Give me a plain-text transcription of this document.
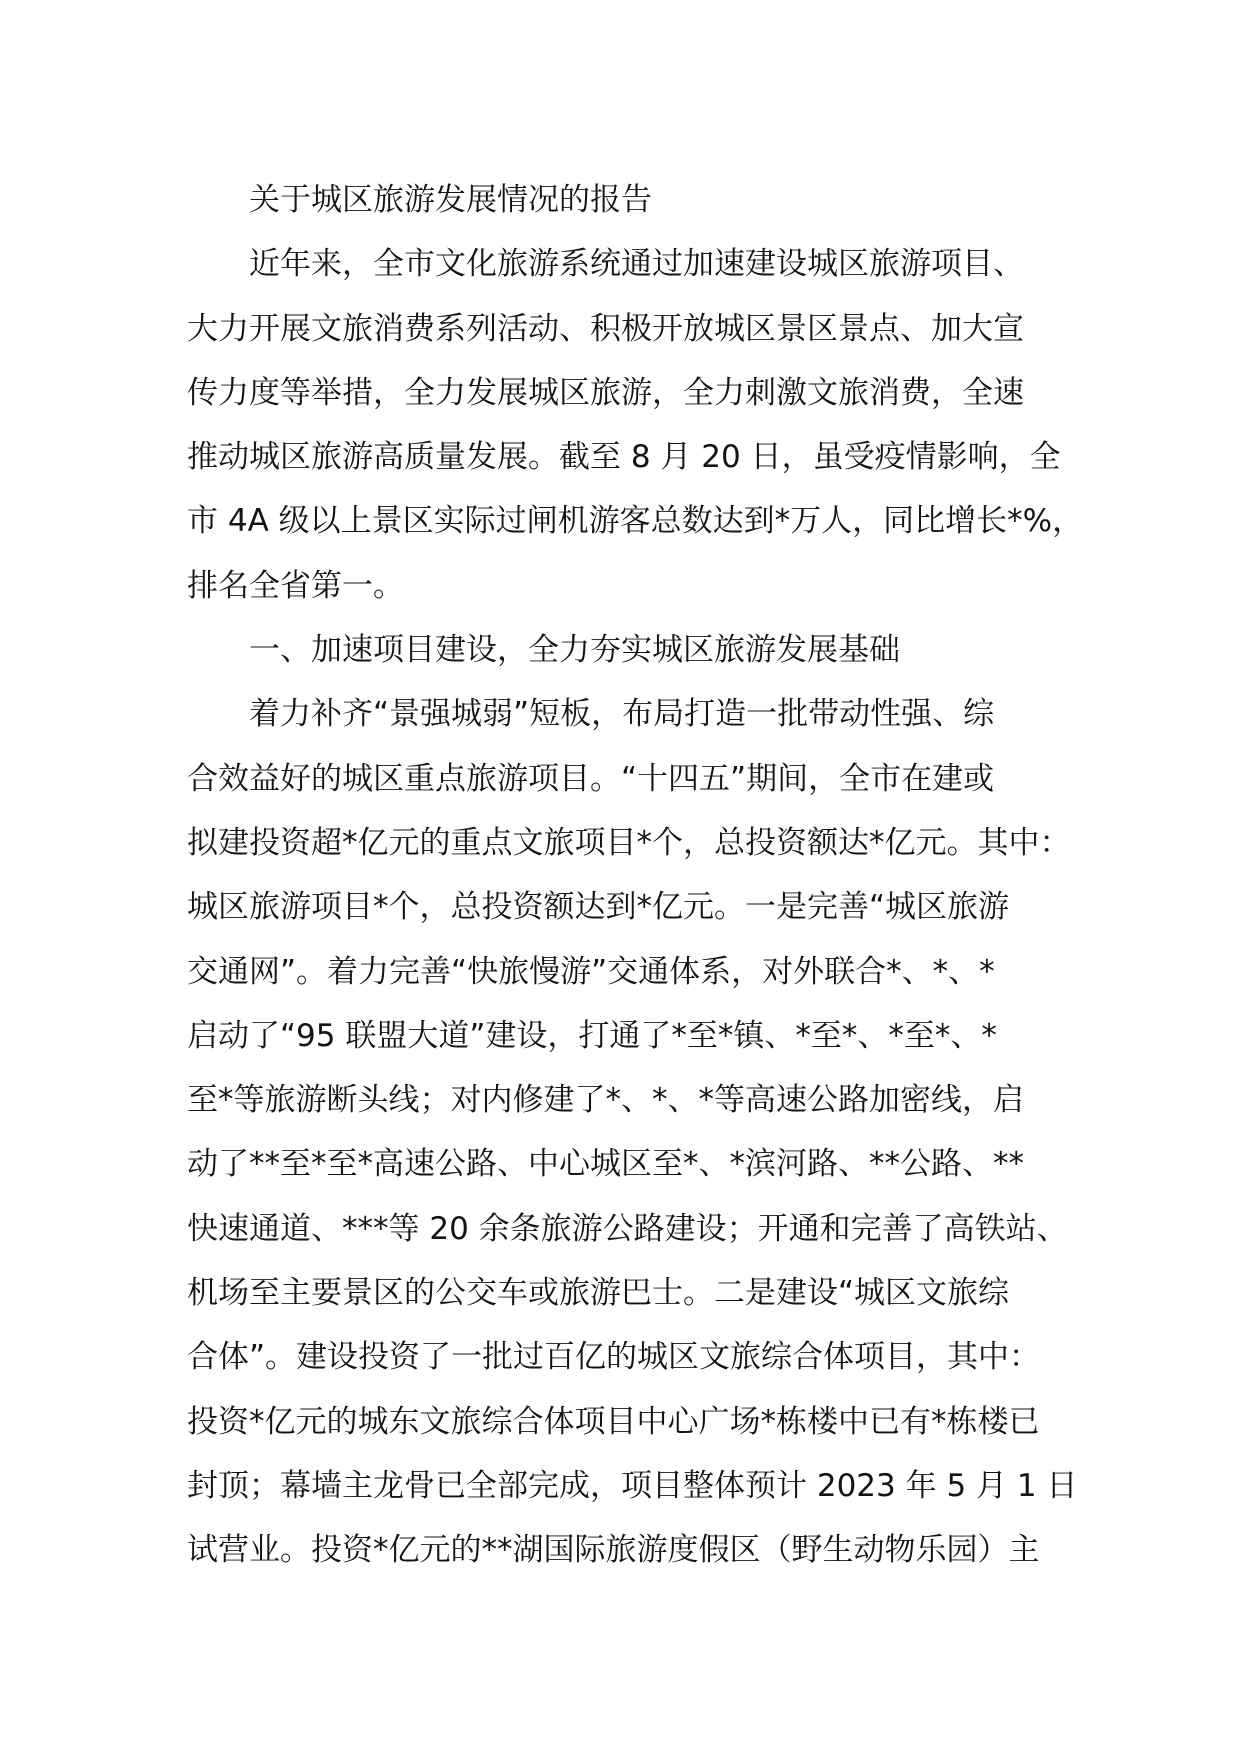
关于城区旅游发展情况的报告
近年来，全市文化旅游系统通过加速建设城区旅游项目、
大力开展文旅消费系列活动、积极开放城区景区景点、加大宣
传力度等举措，全力发展城区旅游，全力刺激文旅消费，全速
推动城区旅游高质量发展。截至 8 月 20 日，虽受疫情影响，全
市 4A 级以上景区实际过闸机游客总数达到*万人，同比增长*%，
排名全省第一。
一、加速项目建设，全力夯实城区旅游发展基础
着力补齐“景强城弱”短板，布局打造一批带动性强、综
合效益好的城区重点旅游项目。“十四五”期间，全市在建或
拟建投资超*亿元的重点文旅项目*个，总投资额达*亿元。其中：
城区旅游项目*个，总投资额达到*亿元。一是完善“城区旅游
交通网”。着力完善“快旅慢游”交通体系，对外联合*、*、*
启动了“95 联盟大道”建设，打通了*至*镇、*至*、*至*、*
至*等旅游断头线；对内修建了*、*、*等高速公路加密线，启
动了**至*至*高速公路、中心城区至*、*滨河路、**公路、**
快速通道、***等 20 余条旅游公路建设；开通和完善了高铁站、
机场至主要景区的公交车或旅游巴士。二是建设“城区文旅综
合体”。建设投资了一批过百亿的城区文旅综合体项目，其中：
投资*亿元的城东文旅综合体项目中心广场*栋楼中已有*栋楼已
封顶；幕墙主龙骨已全部完成，项目整体预计 2023 年 5 月 1 日
试营业。投资*亿元的**湖国际旅游度假区（野生动物乐园）主
